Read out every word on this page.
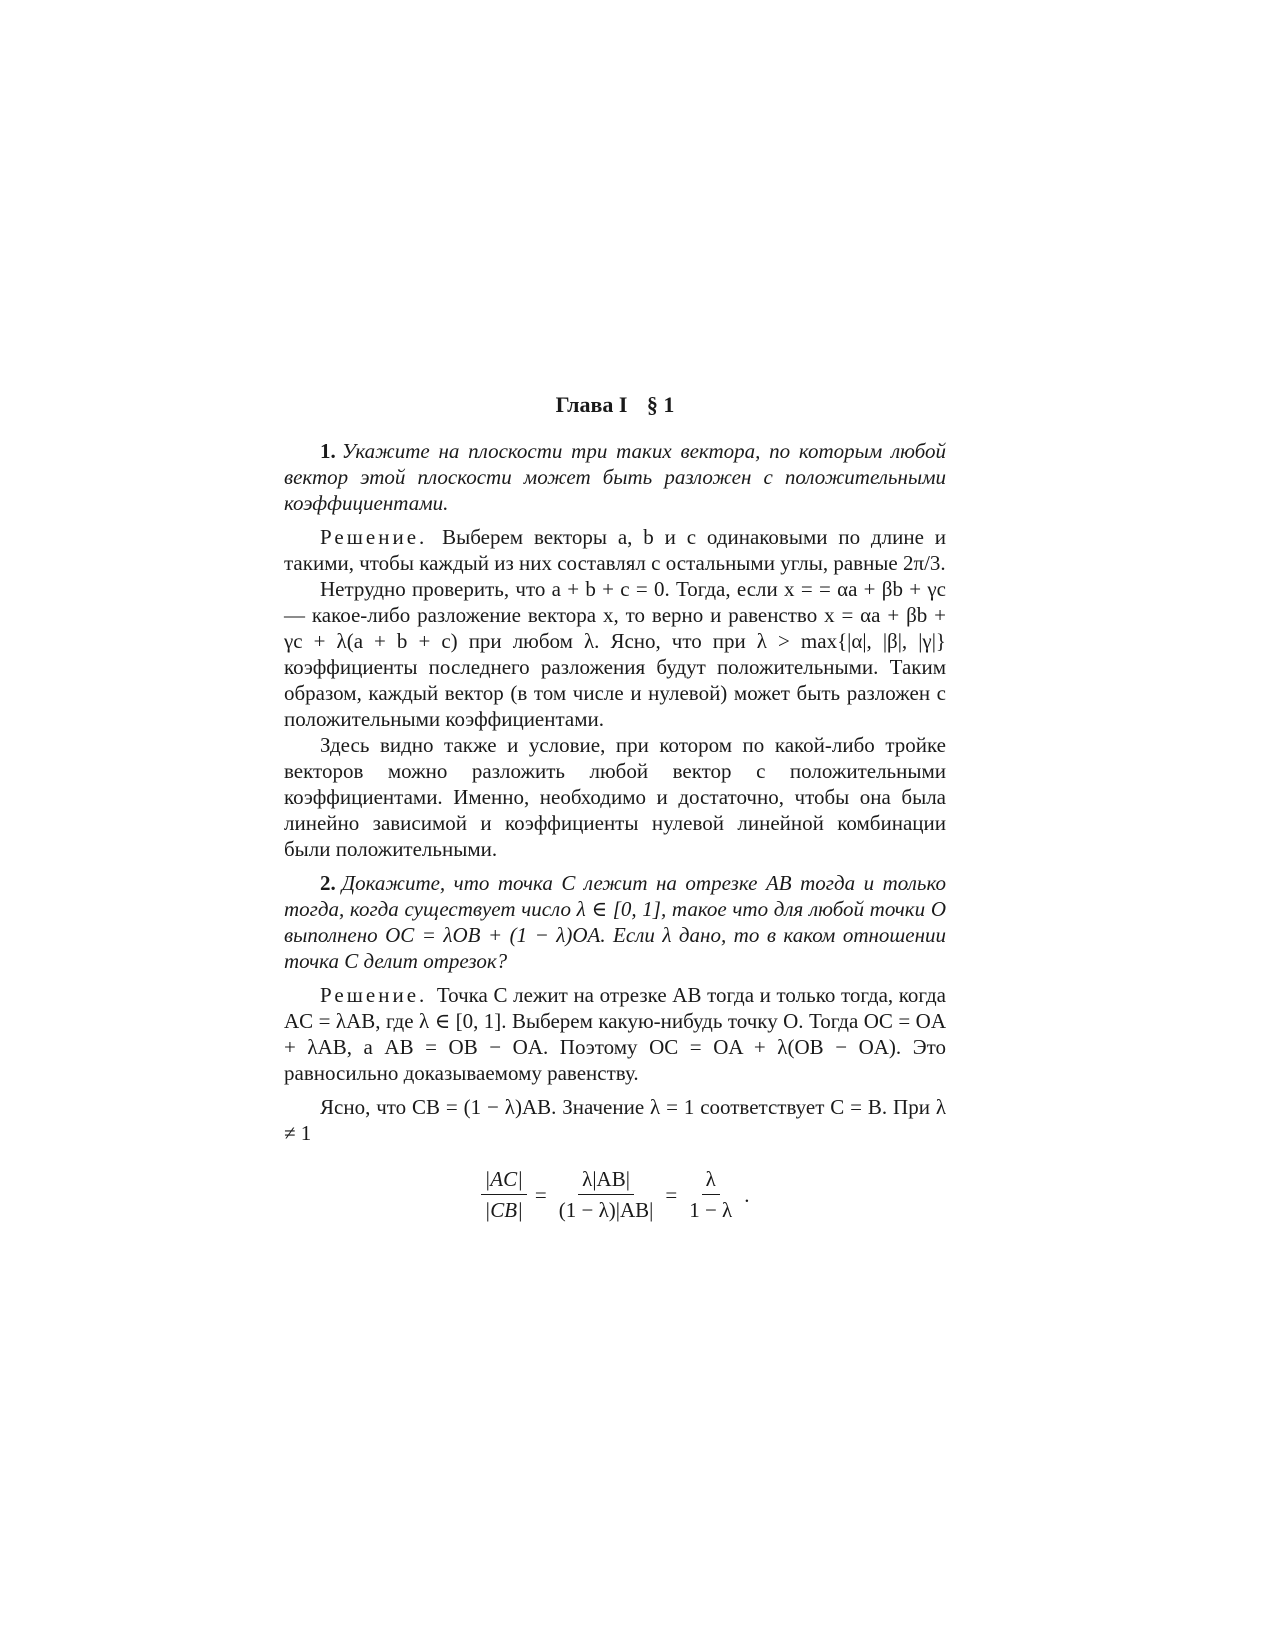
Глава I § 1

1. Укажите на плоскости три таких вектора, по которым любой вектор этой плоскости может быть разложен с положительными коэффициентами.

Решение. Выберем векторы a, b и c одинаковыми по длине и такими, чтобы каждый из них составлял с остальными углы, равные 2π/3.

Нетрудно проверить, что a + b + c = 0. Тогда, если x = = αa + βb + γc — какое-либо разложение вектора x, то верно и равенство x = αa + βb + γc + λ(a + b + c) при любом λ. Ясно, что при λ > max{|α|, |β|, |γ|} коэффициенты последнего разложения будут положительными. Таким образом, каждый вектор (в том числе и нулевой) может быть разложен с положительными коэффициентами.

Здесь видно также и условие, при котором по какой-либо тройке векторов можно разложить любой вектор с положительными коэффициентами. Именно, необходимо и достаточно, чтобы она была линейно зависимой и коэффициенты нулевой линейной комбинации были положительными.

2. Докажите, что точка C лежит на отрезке AB тогда и только тогда, когда существует число λ ∈ [0, 1], такое что для любой точки O выполнено OC = λOB + (1 − λ)OA. Если λ дано, то в каком отношении точка C делит отрезок?

Решение. Точка C лежит на отрезке AB тогда и только тогда, когда AC = λAB, где λ ∈ [0, 1]. Выберем какую-нибудь точку O. Тогда OC = OA + λAB, а AB = OB − OA. Поэтому OC = OA + λ(OB − OA). Это равносильно доказываемому равенству.

Ясно, что CB = (1 − λ)AB. Значение λ = 1 соответствует C = B. При λ ≠ 1

$\frac{|AC|}{|CB|} = \frac{\lambda|AB|}{(1 - \lambda)|AB|} = \frac{\lambda}{1 - \lambda}$ .
